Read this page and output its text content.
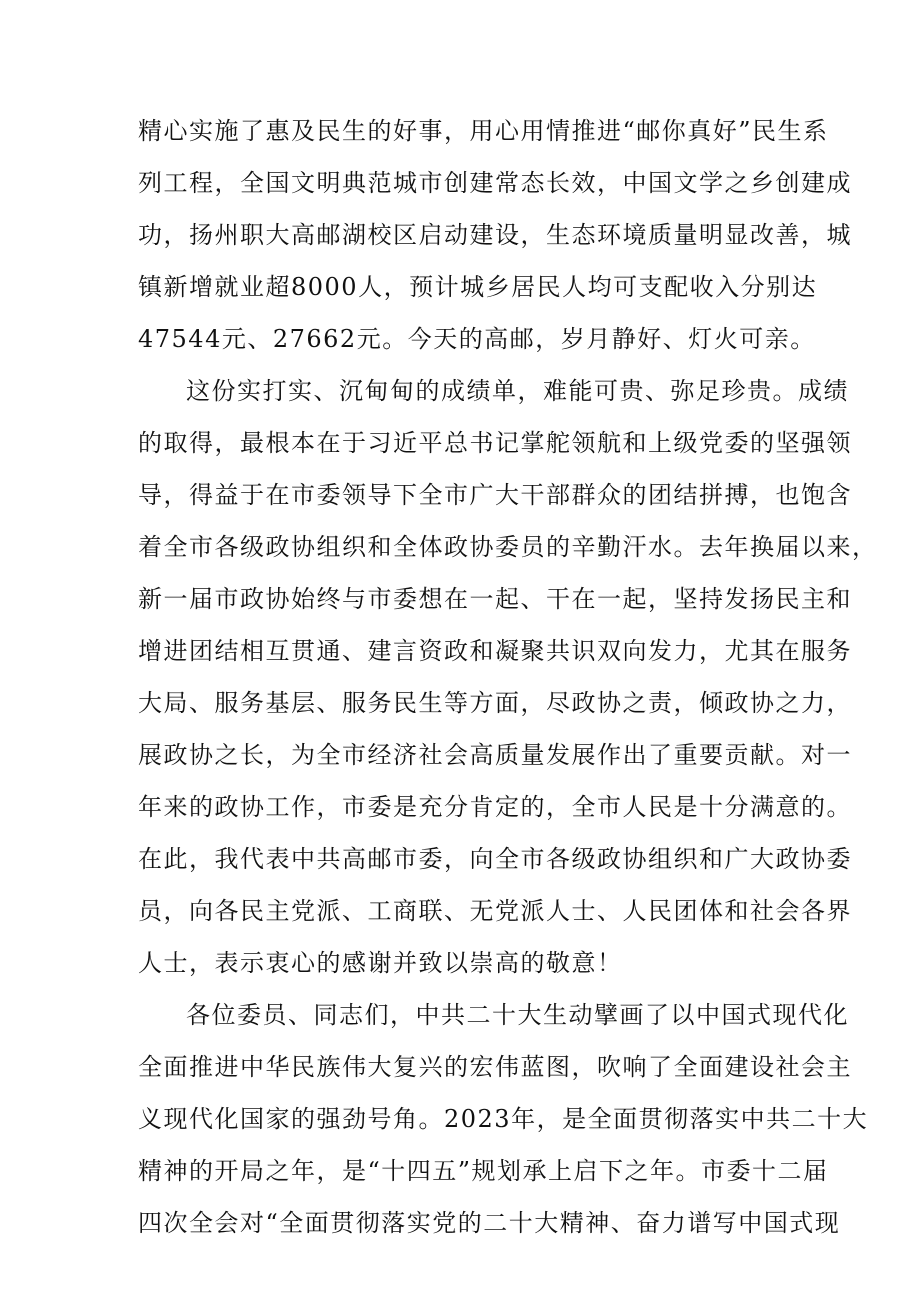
精心实施了惠及民生的好事，用心用情推进“邮你真好”民生系
列工程，全国文明典范城市创建常态长效，中国文学之乡创建成
功，扬州职大高邮湖校区启动建设，生态环境质量明显改善，城
镇新增就业超8000人，预计城乡居民人均可支配收入分别达
47544元、27662元。今天的高邮，岁月静好、灯火可亲。
这份实打实、沉甸甸的成绩单，难能可贵、弥足珍贵。成绩
的取得，最根本在于习近平总书记掌舵领航和上级党委的坚强领
导，得益于在市委领导下全市广大干部群众的团结拼搏，也饱含
着全市各级政协组织和全体政协委员的辛勤汗水。去年换届以来，
新一届市政协始终与市委想在一起、干在一起，坚持发扬民主和
增进团结相互贯通、建言资政和凝聚共识双向发力，尤其在服务
大局、服务基层、服务民生等方面，尽政协之责，倾政协之力，
展政协之长，为全市经济社会高质量发展作出了重要贡献。对一
年来的政协工作，市委是充分肯定的，全市人民是十分满意的。
在此，我代表中共高邮市委，向全市各级政协组织和广大政协委
员，向各民主党派、工商联、无党派人士、人民团体和社会各界
人士，表示衷心的感谢并致以崇高的敬意！
各位委员、同志们，中共二十大生动擘画了以中国式现代化
全面推进中华民族伟大复兴的宏伟蓝图，吹响了全面建设社会主
义现代化国家的强劲号角。2023年，是全面贯彻落实中共二十大
精神的开局之年，是“十四五”规划承上启下之年。市委十二届
四次全会对“全面贯彻落实党的二十大精神、奋力谱写中国式现
